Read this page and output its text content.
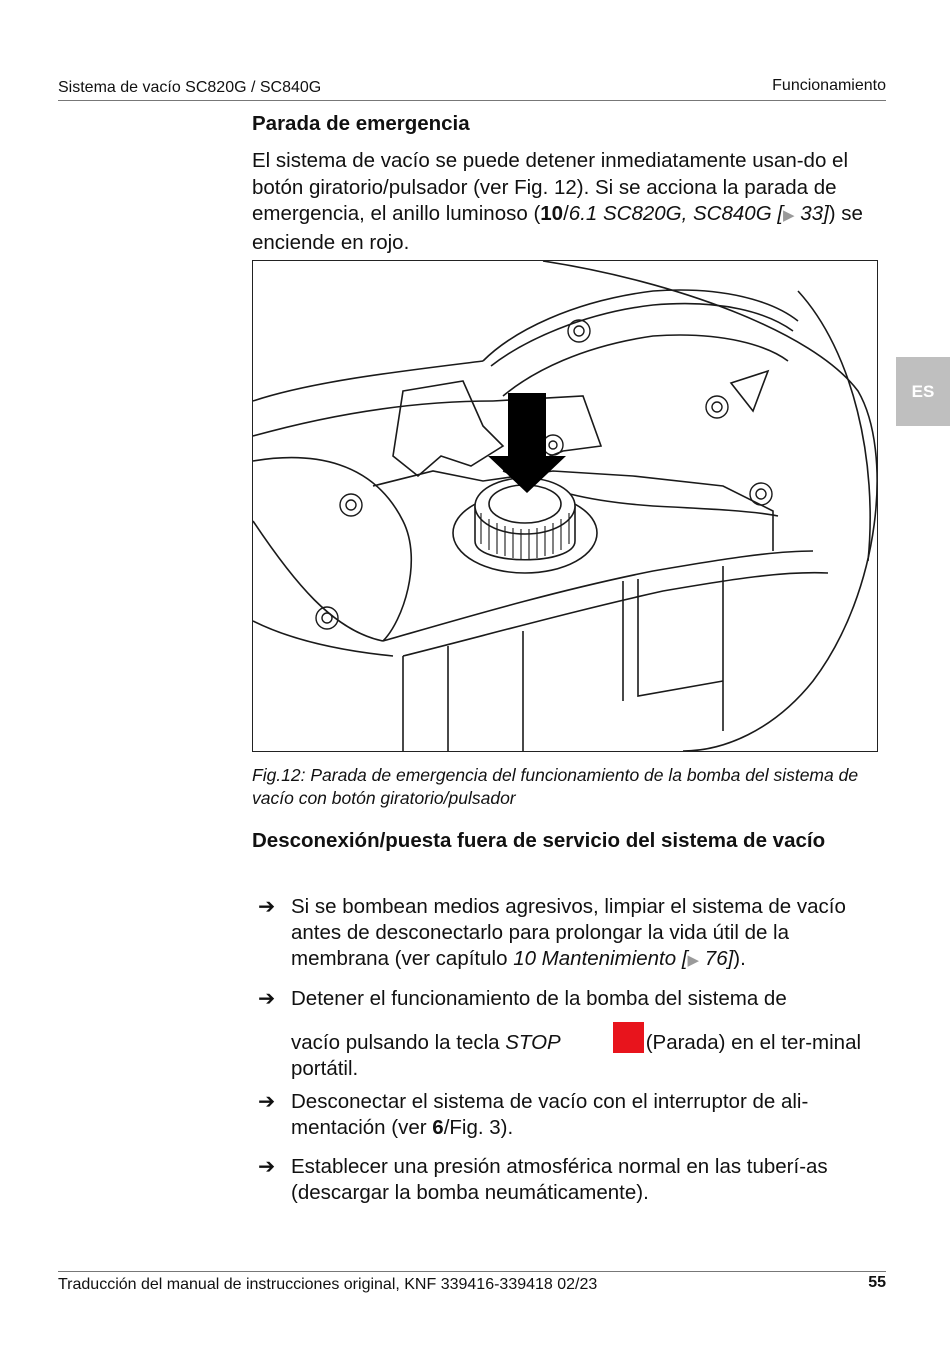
Sistema de vacío SC820G / SC840G	Funcionamiento
ES
Parada de emergencia

El sistema de vacío se puede detener inmediatamente usan-do el botón giratorio/pulsador (ver Fig. 12). Si se acciona la parada de emergencia, el anillo luminoso (10/6.1 SC820G, SC840G [▶ 33]) se enciende en rojo.

Fig.12: Parada de emergencia del funcionamiento de la bomba del sistema de vacío con botón giratorio/pulsador
Desconexión/puesta fuera de servicio del sistema de vacío
➔ Si se bombean medios agresivos, limpiar el sistema de vacío antes de desconectarlo para prolongar la vida útil de la membrana (ver capítulo 10 Mantenimiento [▶ 76]).
➔ Detener el funcionamiento de la bomba del sistema de
vacío pulsando la tecla STOP	(Parada) en el ter-minal portátil.
➔ Desconectar el sistema de vacío con el interruptor de ali-mentación (ver 6/Fig. 3).
➔ Establecer una presión atmosférica normal en las tuberí-as (descargar la bomba neumáticamente).
Traducción del manual de instrucciones original, KNF 339416-339418 02/23	55
